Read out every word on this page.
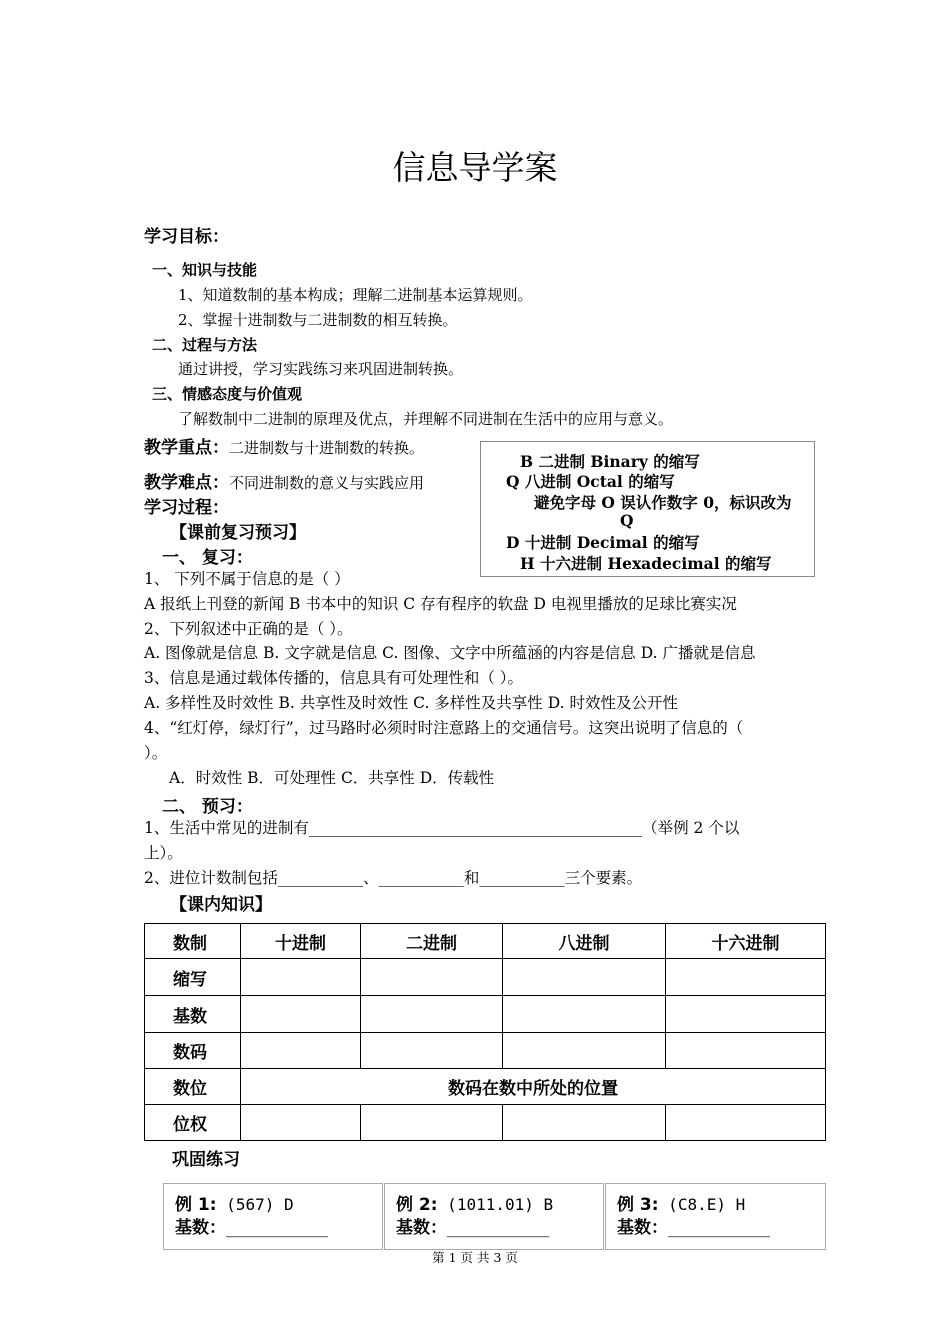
信息导学案
学习目标：
一、知识与技能
1、知道数制的基本构成；理解二进制基本运算规则。
2、掌握十进制数与二进制数的相互转换。
二、过程与方法
通过讲授，学习实践练习来巩固进制转换。
三、情感态度与价值观
了解数制中二进制的原理及优点，并理解不同进制在生活中的应用与意义。
教学重点：二进制数与十进制数的转换。
教学难点：不同进制数的意义与实践应用
学习过程：
【课前复习预习】
一、 复习：
B 二进制 Binary 的缩写
Q 八进制 Octal 的缩写
避免字母 O 误认作数字 0，标识改为
Q
D 十进制 Decimal 的缩写
H 十六进制 Hexadecimal 的缩写
1、 下列不属于信息的是（ ）
A 报纸上刊登的新闻 B 书本中的知识 C 存有程序的软盘 D 电视里播放的足球比赛实况
2、下列叙述中正确的是（ ）。
A. 图像就是信息 B. 文字就是信息 C. 图像、文字中所蕴涵的内容是信息 D. 广播就是信息
3、信息是通过载体传播的，信息具有可处理性和（ ）。
A. 多样性及时效性 B. 共享性及时效性 C. 多样性及共享性 D. 时效性及公开性
4、“红灯停，绿灯行”，过马路时必须时时注意路上的交通信号。这突出说明了信息的（
）。
A．时效性 B．可处理性 C．共享性 D．传载性
二、 预习：
1、生活中常见的进制有___________________________________________（举例 2 个以
上）。
2、进位计数制包括___________、___________和___________三个要素。
【课内知识】
数制	十进制	二进制	八进制	十六进制
缩写				
基数				
数码				
数位	数码在数中所处的位置			
位权				
巩固练习
例 1: (567) D
基数：____________
例 2: (1011.01) B
基数：____________
例 3: (C8.E) H
基数：____________
第 1 页 共 3 页
